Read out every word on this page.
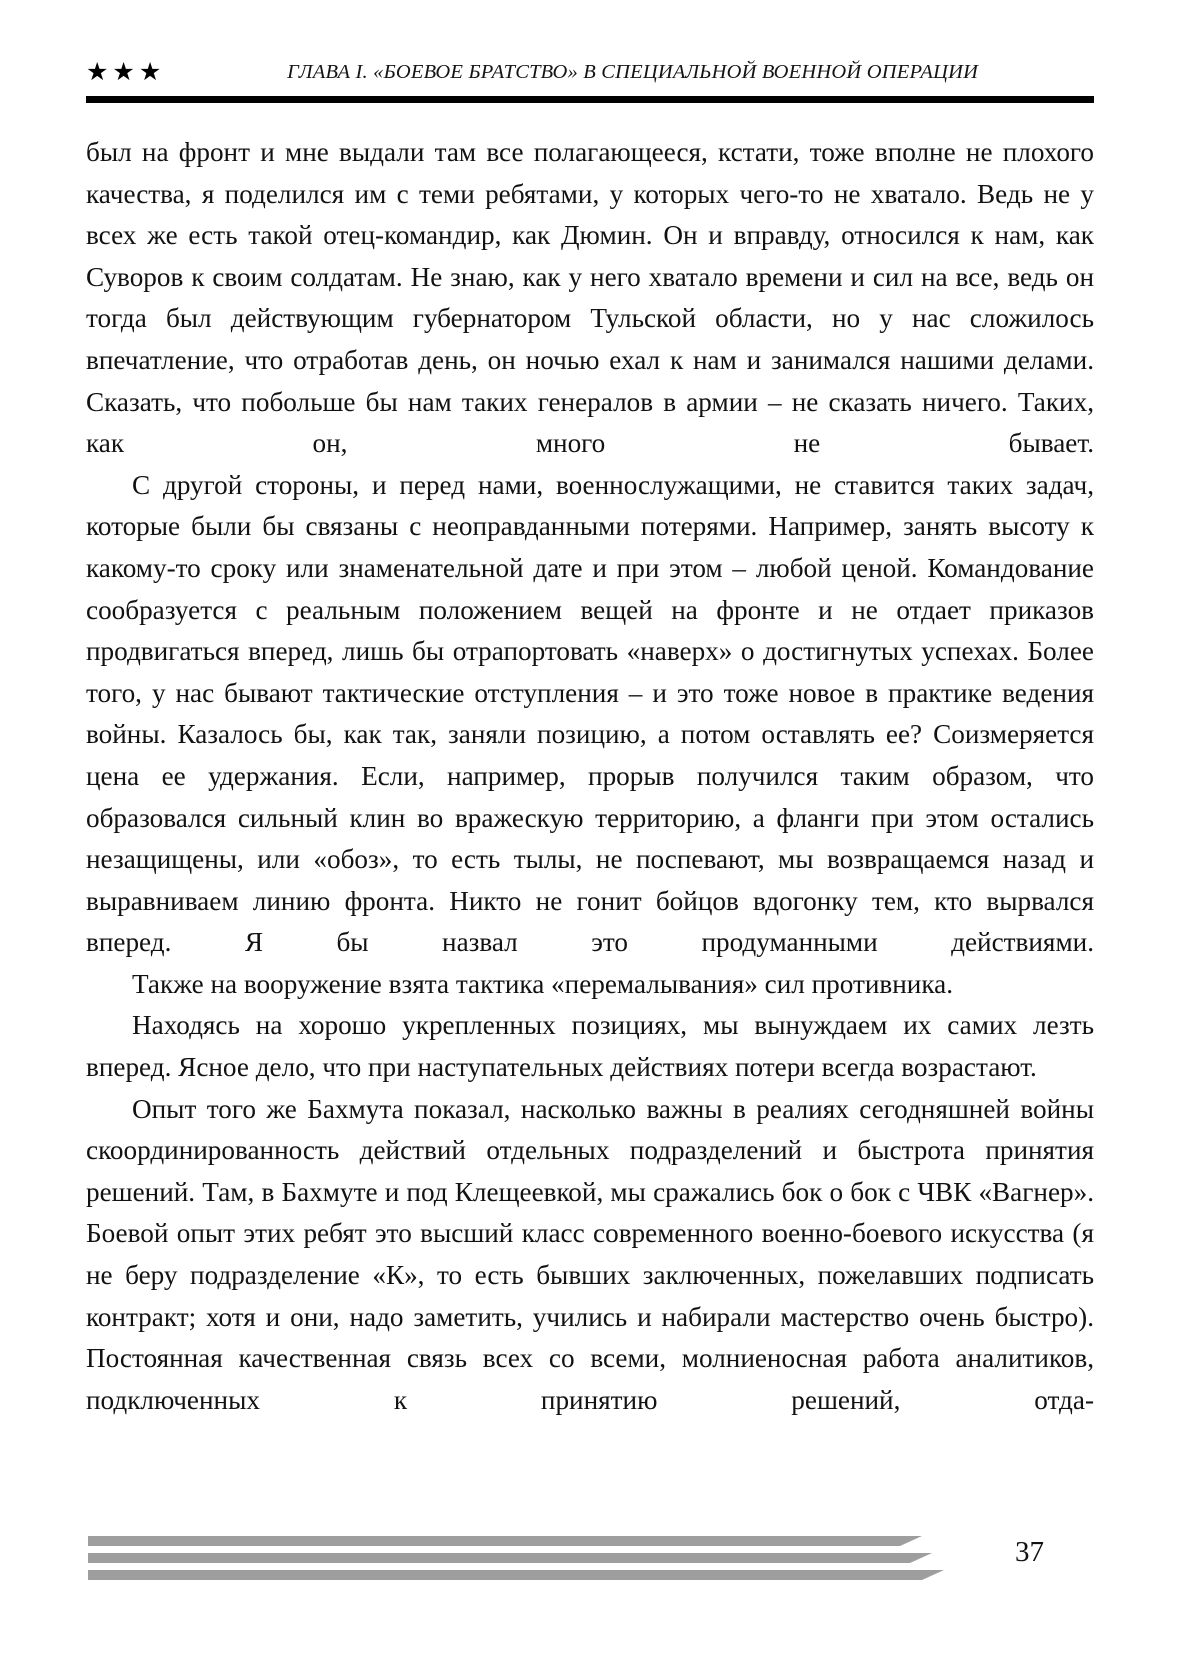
★★★	ГЛАВА I. «БОЕВОЕ БРАТСТВО» В СПЕЦИАЛЬНОЙ ВОЕННОЙ ОПЕРАЦИИ

был на фронт и мне выдали там все полагающееся, кстати, тоже вполне не плохого качества, я поделился им с теми ребятами, у которых чего-то не хватало. Ведь не у всех же есть такой отец-командир, как Дюмин. Он и вправду, относился к нам, как Суворов к своим солдатам. Не знаю, как у него хватало времени и сил на все, ведь он тогда был действующим губернатором Тульской области, но у нас сложилось впечатление, что отработав день, он ночью ехал к нам и занимался нашими делами. Сказать, что побольше бы нам таких генералов в армии – не сказать ничего. Таких, как он, много не бывает.

С другой стороны, и перед нами, военнослужащими, не ставится таких задач, которые были бы связаны с неоправданными потерями. Например, занять высоту к какому-то сроку или знаменательной дате и при этом – любой ценой. Командование сообразуется с реальным положением вещей на фронте и не отдает приказов продвигаться вперед, лишь бы отрапортовать «наверх» о достигнутых успехах. Более того, у нас бывают тактические отступления – и это тоже новое в практике ведения войны. Казалось бы, как так, заняли позицию, а потом оставлять ее? Соизмеряется цена ее удержания. Если, например, прорыв получился таким образом, что образовался сильный клин во вражескую территорию, а фланги при этом остались незащищены, или «обоз», то есть тылы, не поспевают, мы возвращаемся назад и выравниваем линию фронта. Никто не гонит бойцов вдогонку тем, кто вырвался вперед. Я бы назвал это продуманными действиями.

Также на вооружение взята тактика «перемалывания» сил противника.

Находясь на хорошо укрепленных позициях, мы вынуждаем их самих лезть вперед. Ясное дело, что при наступательных действиях потери всегда возрастают.

Опыт того же Бахмута показал, насколько важны в реалиях сегодняшней войны скоординированность действий отдельных подразделений и быстрота принятия решений. Там, в Бахмуте и под Клещеевкой, мы сражались бок о бок с ЧВК «Вагнер». Боевой опыт этих ребят это высший класс современного военно-боевого искусства (я не беру подразделение «К», то есть бывших заключенных, пожелавших подписать контракт; хотя и они, надо заметить, учились и набирали мастерство очень быстро). Постоянная качественная связь всех со всеми, молниеносная работа аналитиков, подключенных к принятию решений, отда-

37
